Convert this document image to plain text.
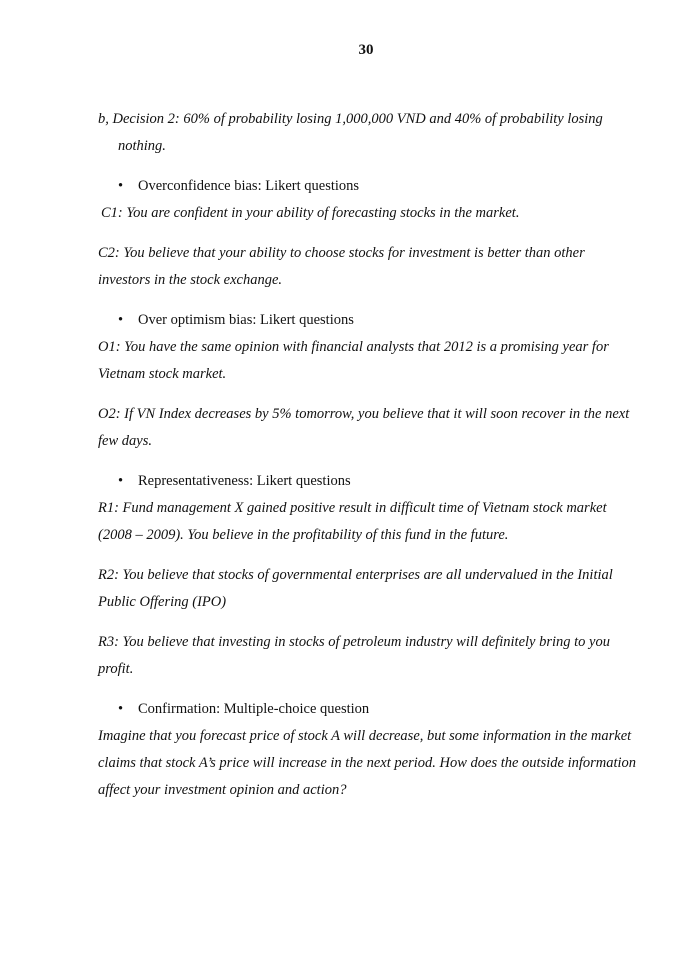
30

b, Decision 2: 60% of probability losing 1,000,000 VND and 40% of probability losing nothing.

• Overconfidence bias: Likert questions

C1: You are confident in your ability of forecasting stocks in the market.

C2: You believe that your ability to choose stocks for investment is better than other investors in the stock exchange.

• Over optimism bias: Likert questions

O1: You have the same opinion with financial analysts that 2012 is a promising year for Vietnam stock market.

O2: If VN Index decreases by 5% tomorrow, you believe that it will soon recover in the next few days.

• Representativeness: Likert questions

R1: Fund management X gained positive result in difficult time of Vietnam stock market (2008 – 2009). You believe in the profitability of this fund in the future.

R2: You believe that stocks of governmental enterprises are all undervalued in the Initial Public Offering (IPO)

R3: You believe that investing in stocks of petroleum industry will definitely bring to you profit.

• Confirmation: Multiple-choice question

Imagine that you forecast price of stock A will decrease, but some information in the market claims that stock A’s price will increase in the next period. How does the outside information affect your investment opinion and action?
